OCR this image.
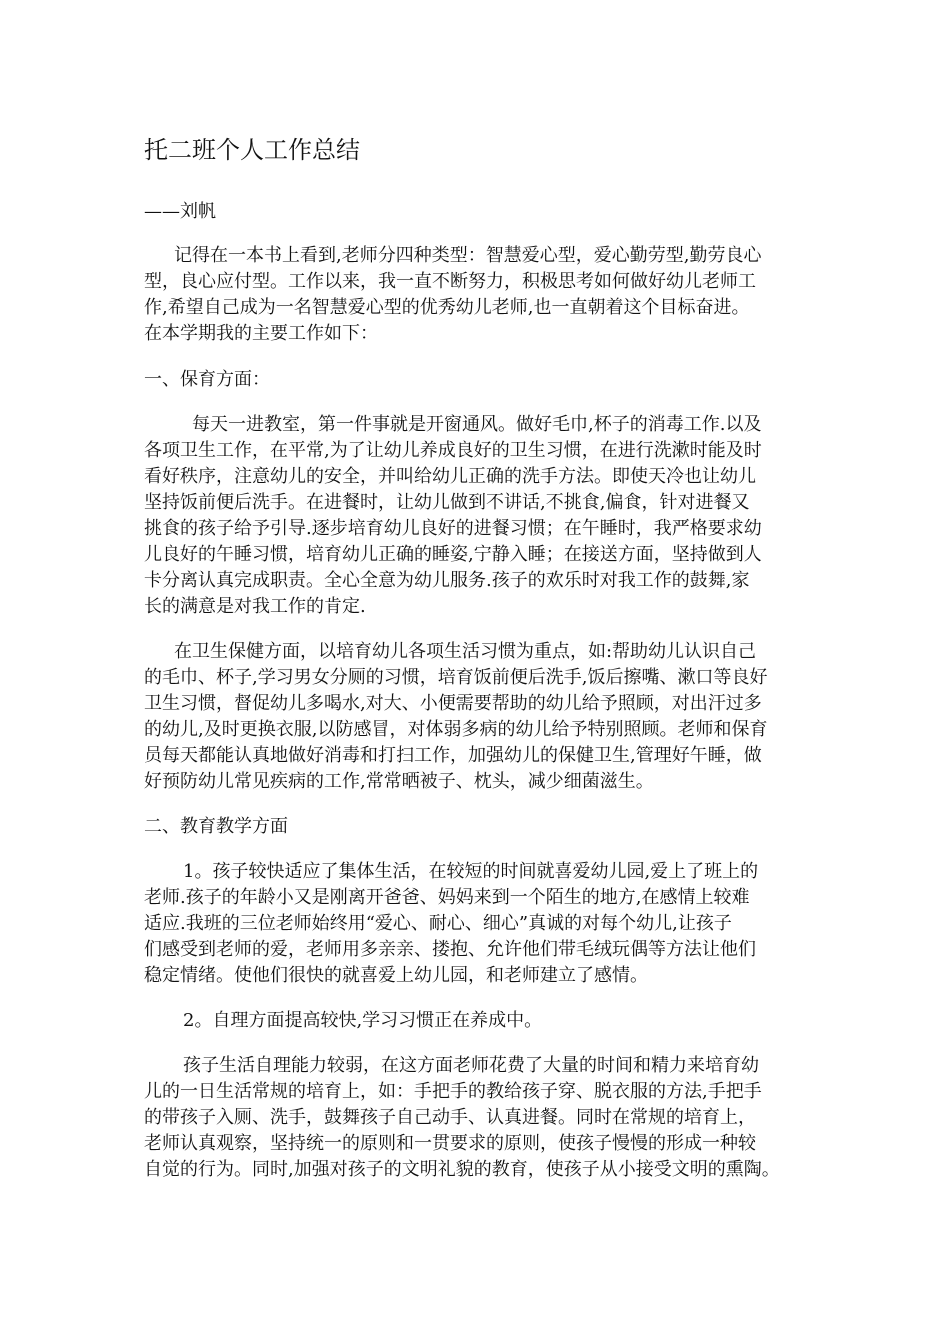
托二班个人工作总结
——刘帆
记得在一本书上看到,老师分四种类型：智慧爱心型，爱心勤劳型,勤劳良心
型，良心应付型。工作以来，我一直不断努力，积极思考如何做好幼儿老师工
作,希望自己成为一名智慧爱心型的优秀幼儿老师,也一直朝着这个目标奋进。
在本学期我的主要工作如下：
一、保育方面：
每天一进教室，第一件事就是开窗通风。做好毛巾,杯子的消毒工作.以及
各项卫生工作，在平常,为了让幼儿养成良好的卫生习惯，在进行洗漱时能及时
看好秩序，注意幼儿的安全，并叫给幼儿正确的洗手方法。即使天冷也让幼儿
坚持饭前便后洗手。在进餐时，让幼儿做到不讲话,不挑食,偏食，针对进餐又
挑食的孩子给予引导.逐步培育幼儿良好的进餐习惯；在午睡时，我严格要求幼
儿良好的午睡习惯，培育幼儿正确的睡姿,宁静入睡；在接送方面，坚持做到人
卡分离认真完成职责。全心全意为幼儿服务.孩子的欢乐时对我工作的鼓舞,家
长的满意是对我工作的肯定.
在卫生保健方面，以培育幼儿各项生活习惯为重点，如:帮助幼儿认识自己
的毛巾、杯子,学习男女分厕的习惯，培育饭前便后洗手,饭后擦嘴、漱口等良好
卫生习惯，督促幼儿多喝水,对大、小便需要帮助的幼儿给予照顾，对出汗过多
的幼儿,及时更换衣服,以防感冒，对体弱多病的幼儿给予特别照顾。老师和保育
员每天都能认真地做好消毒和打扫工作，加强幼儿的保健卫生,管理好午睡，做
好预防幼儿常见疾病的工作,常常晒被子、枕头，减少细菌滋生。
二、教育教学方面
1。孩子较快适应了集体生活，在较短的时间就喜爱幼儿园,爱上了班上的
老师.孩子的年龄小又是刚离开爸爸、妈妈来到一个陌生的地方,在感情上较难
适应.我班的三位老师始终用“爱心、耐心、细心”真诚的对每个幼儿,让孩子
们感受到老师的爱，老师用多亲亲、搂抱、允许他们带毛绒玩偶等方法让他们
稳定情绪。使他们很快的就喜爱上幼儿园，和老师建立了感情。
2。自理方面提高较快,学习习惯正在养成中。
孩子生活自理能力较弱，在这方面老师花费了大量的时间和精力来培育幼
儿的一日生活常规的培育上，如：手把手的教给孩子穿、脱衣服的方法,手把手
的带孩子入厕、洗手，鼓舞孩子自己动手、认真进餐。同时在常规的培育上，
老师认真观察，坚持统一的原则和一贯要求的原则，使孩子慢慢的形成一种较
自觉的行为。同时,加强对孩子的文明礼貌的教育，使孩子从小接受文明的熏陶。
